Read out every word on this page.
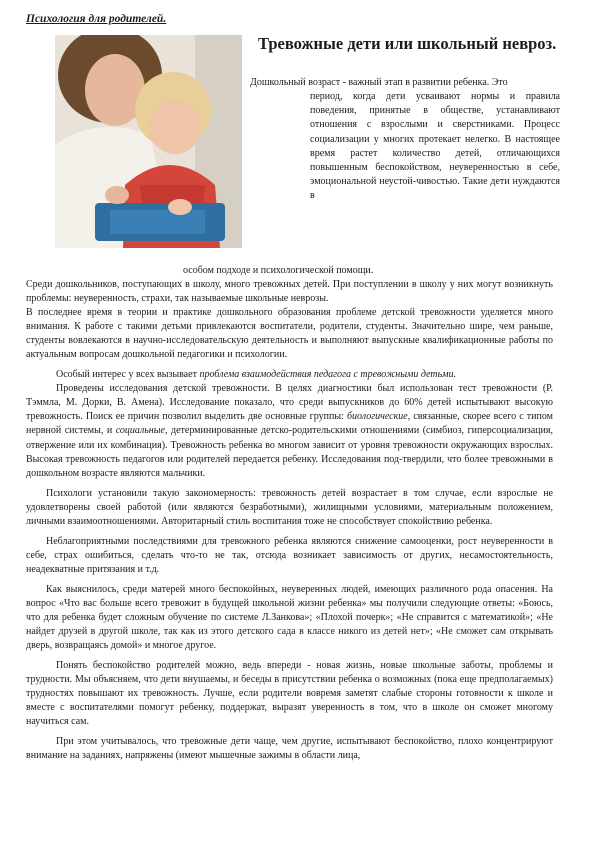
Психология для родителей.
Тревожные дети или школьный невроз.
Дошкольный возраст - важный этап в развитии ребенка. Это
период, когда дети усваивают нормы и правила поведения, принятые в обществе, устанавливают отношения с взрослыми и сверстниками. Процесс социализации у многих протекает нелегко. В настоящее время растет количество детей, отличающихся повышенным беспокойством, неуверенностью в себе, эмоциональной неустой-чивостью. Такие дети нуждаются в
особом подходе и психологической помощи.

Среди дошкольников, поступающих в школу, много тревожных детей. При поступлении в школу у них могут возникнуть проблемы: неуверенность, страхи, так называемые школьные неврозы.

В последнее время в теории и практике дошкольного образования проблеме детской тревожности уделяется много внимания. К работе с такими детьми привлекаются воспитатели, родители, студенты. Значительно шире, чем раньше, студенты вовлекаются в научно-исследовательскую деятельность и выполняют выпускные квалификационные работы по актуальным вопросам дошкольной педагогики и психологии.

Особый интерес у всех вызывает проблема взаимодействия педагога с тревожными детьми.

Проведены исследования детской тревожности. В целях диагностики был использован тест тревожности (Р. Тэммла, М. Дорки, В. Амена). Исследование показало, что среди выпускников до 60% детей испытывают высокую тревожность. Поиск ее причин позволил выделить две основные группы: биологические, связанные, скорее всего с типом нервной системы, и социальные, детерминированные детско-родительскими отношениями (симбиоз, гиперсоциализация, отвержение или их комбинация). Тревожность ребенка во многом зависит от уровня тревожности окружающих взрослых. Высокая тревожность педагогов или родителей передается ребенку. Исследования под-твердили, что более тревожными в дошкольном возрасте являются мальчики.

Психологи установили такую закономерность: тревожность детей возрастает в том случае, если взрослые не удовлетворены своей работой (или являются безработными), жилищными условиями, материальным положением, личными взаимоотношениями. Авторитарный стиль воспитания тоже не способствует спокойствию ребенка.

Неблагоприятными последствиями для тревожного ребенка являются снижение самооценки, рост неуверенности в себе, страх ошибиться, сделать что-то не так, отсюда возникает зависимость от других, несамостоятельность, неадекватные притязания и т.д.

Как выяснилось, среди матерей много беспокойных, неуверенных людей, имеющих различного рода опасения. На вопрос «Что вас больше всего тревожит в будущей школьной жизни ребенка» мы получили следующие ответы: «Боюсь, что для ребенка будет сложным обучение по системе Л.Занкова»; «Плохой почерк»; «Не справится с математикой»; «Не найдет друзей в другой школе, так как из этого детского сада в классе никого из детей нет»; «Не сможет сам открывать дверь, возвращаясь домой» и многое другое.

Понять беспокойство родителей можно, ведь впереди - новая жизнь, новые школьные заботы, проблемы и трудности. Мы объясняем, что дети внушаемы, и беседы в присутствии ребенка о возможных (пока еще предполагаемых) трудностях повышают их тревожность. Лучше, если родители вовремя заметят слабые стороны готовности к школе и вместе с воспитателями помогут ребенку, поддержат, выразят уверенность в том, что в школе он сможет многому научиться сам.

При этом учитывалось, что тревожные дети чаще, чем другие, испытывают беспокойство, плохо концентрируют внимание на заданиях, напряжены (имеют мышечные зажимы в области лица,
